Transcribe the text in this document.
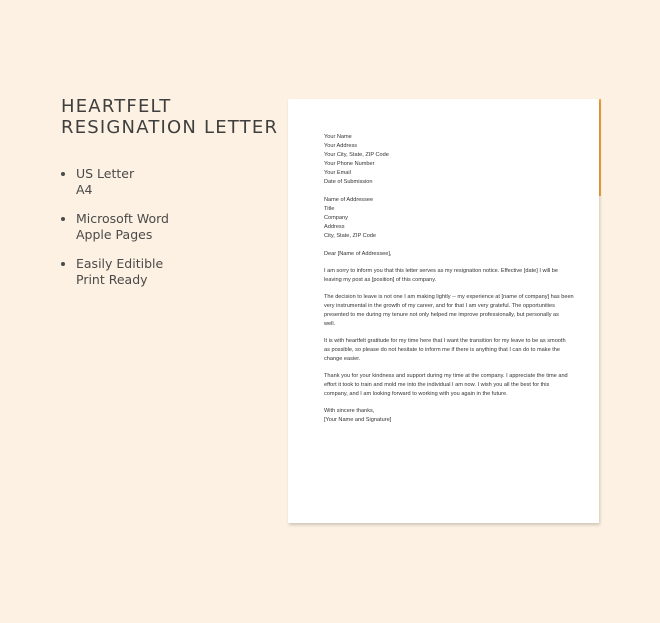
HEARTFELT
RESIGNATION LETTER
US Letter
A4
Microsoft Word
Apple Pages
Easily Editible
Print Ready
Your Name
Your Address
Your City, State, ZIP Code
Your Phone Number
Your Email
Date of Submission
Name of Addressee
Title
Company
Address
City, State, ZIP Code
Dear [Name of Addressee],
I am sorry to inform you that this letter serves as my resignation notice. Effective [date] I will be
leaving my post as [position] of this company.
The decision to leave is not one I am making lightly -- my experience at [name of company] has been
very instrumental in the growth of my career, and for that I am very grateful. The opportunities
presented to me during my tenure not only helped me improve professionally, but personally as
well.
It is with heartfelt gratitude for my time here that I want the transition for my leave to be as smooth
as possible, so please do not hesitate to inform me if there is anything that I can do to make the
change easier.
Thank you for your kindness and support during my time at the company. I appreciate the time and
effort it took to train and mold me into the individual I am now. I wish you all the best for this
company, and I am looking forward to working with you again in the future.
With sincere thanks,
[Your Name and Signature]
